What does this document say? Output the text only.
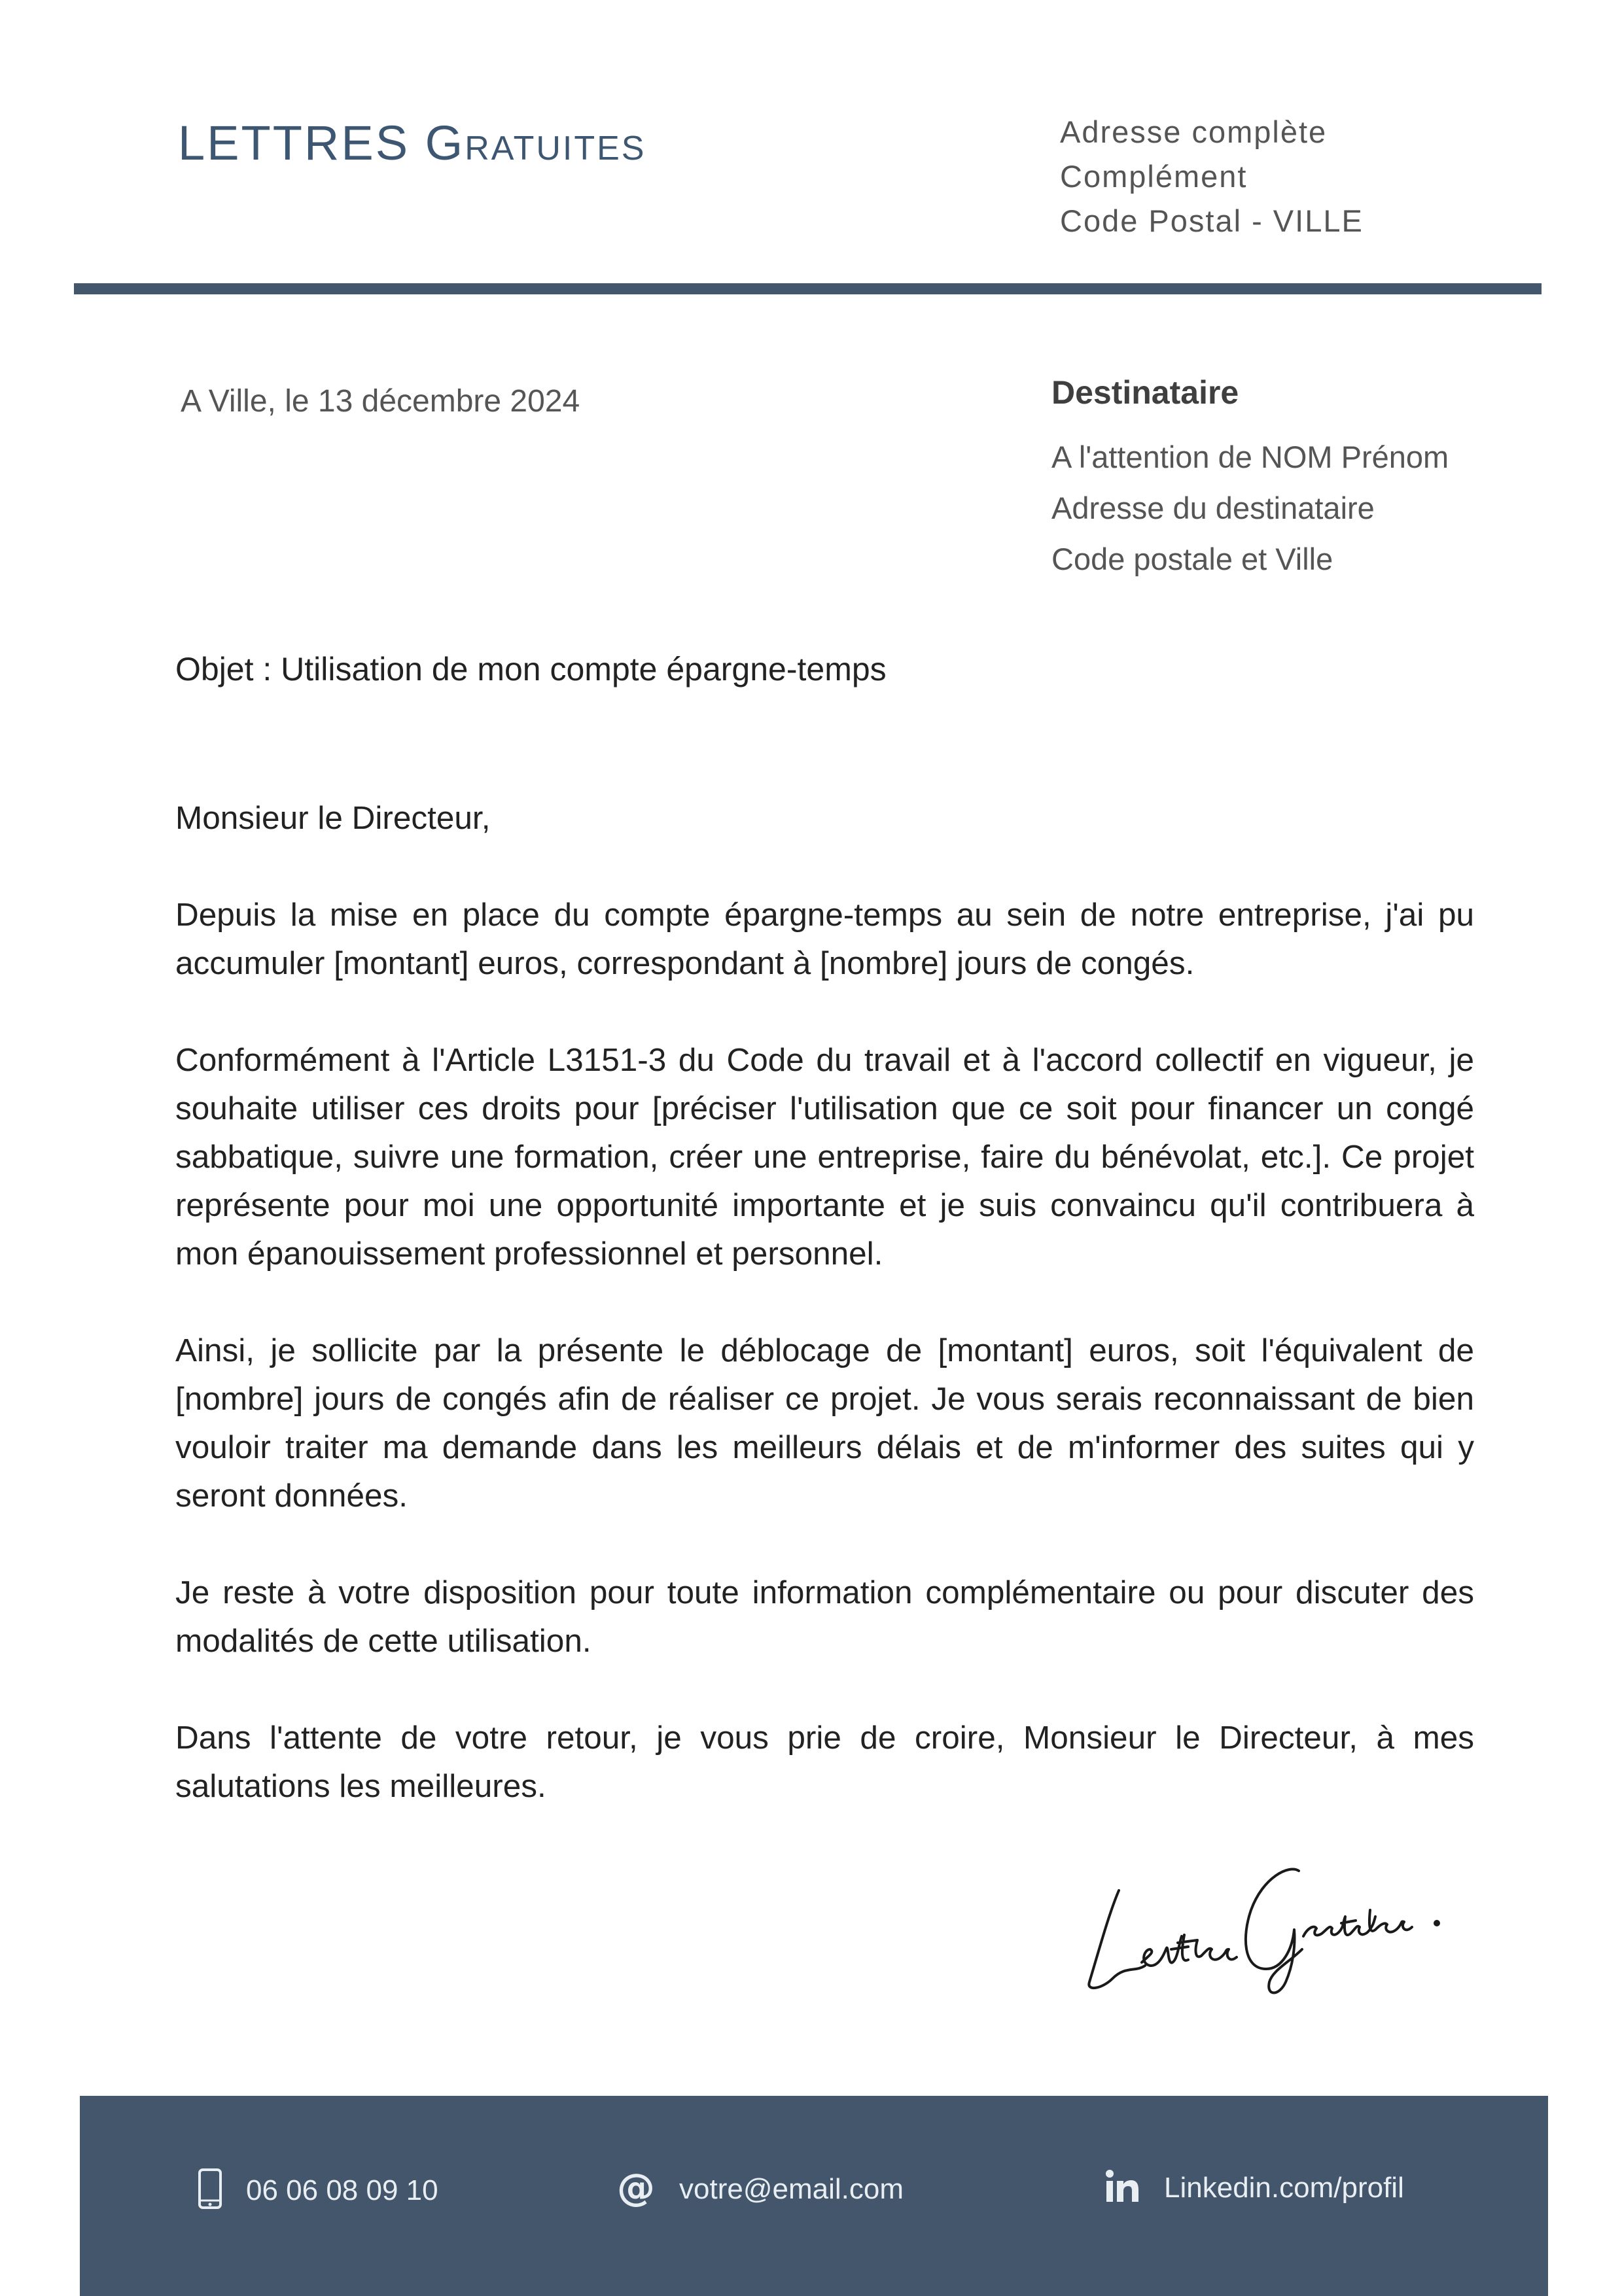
LETTRES Gratuites	Adresse complète
Complément
Code Postal - VILLE
A Ville, le 13 décembre 2024	Destinataire
A l'attention de NOM Prénom
Adresse du destinataire
Code postale et Ville
Objet : Utilisation de mon compte épargne-temps

Monsieur le Directeur,

Depuis la mise en place du compte épargne-temps au sein de notre entreprise, j'ai pu accumuler [montant] euros, correspondant à [nombre] jours de congés.

Conformément à l'Article L3151-3 du Code du travail et à l'accord collectif en vigueur, je souhaite utiliser ces droits pour [préciser l'utilisation que ce soit pour financer un congé sabbatique, suivre une formation, créer une entreprise, faire du bénévolat, etc.]. Ce projet représente pour moi une opportunité importante et je suis convaincu qu'il contribuera à mon épanouissement professionnel et personnel.

Ainsi, je sollicite par la présente le déblocage de [montant] euros, soit l'équivalent de [nombre] jours de congés afin de réaliser ce projet. Je vous serais reconnaissant de bien vouloir traiter ma demande dans les meilleurs délais et de m'informer des suites qui y seront données.

Je reste à votre disposition pour toute information complémentaire ou pour discuter des modalités de cette utilisation.

Dans l'attente de votre retour, je vous prie de croire, Monsieur le Directeur, à mes salutations les meilleures.

06 06 08 09 10	@ votre@email.com	Linkedin.com/profil
